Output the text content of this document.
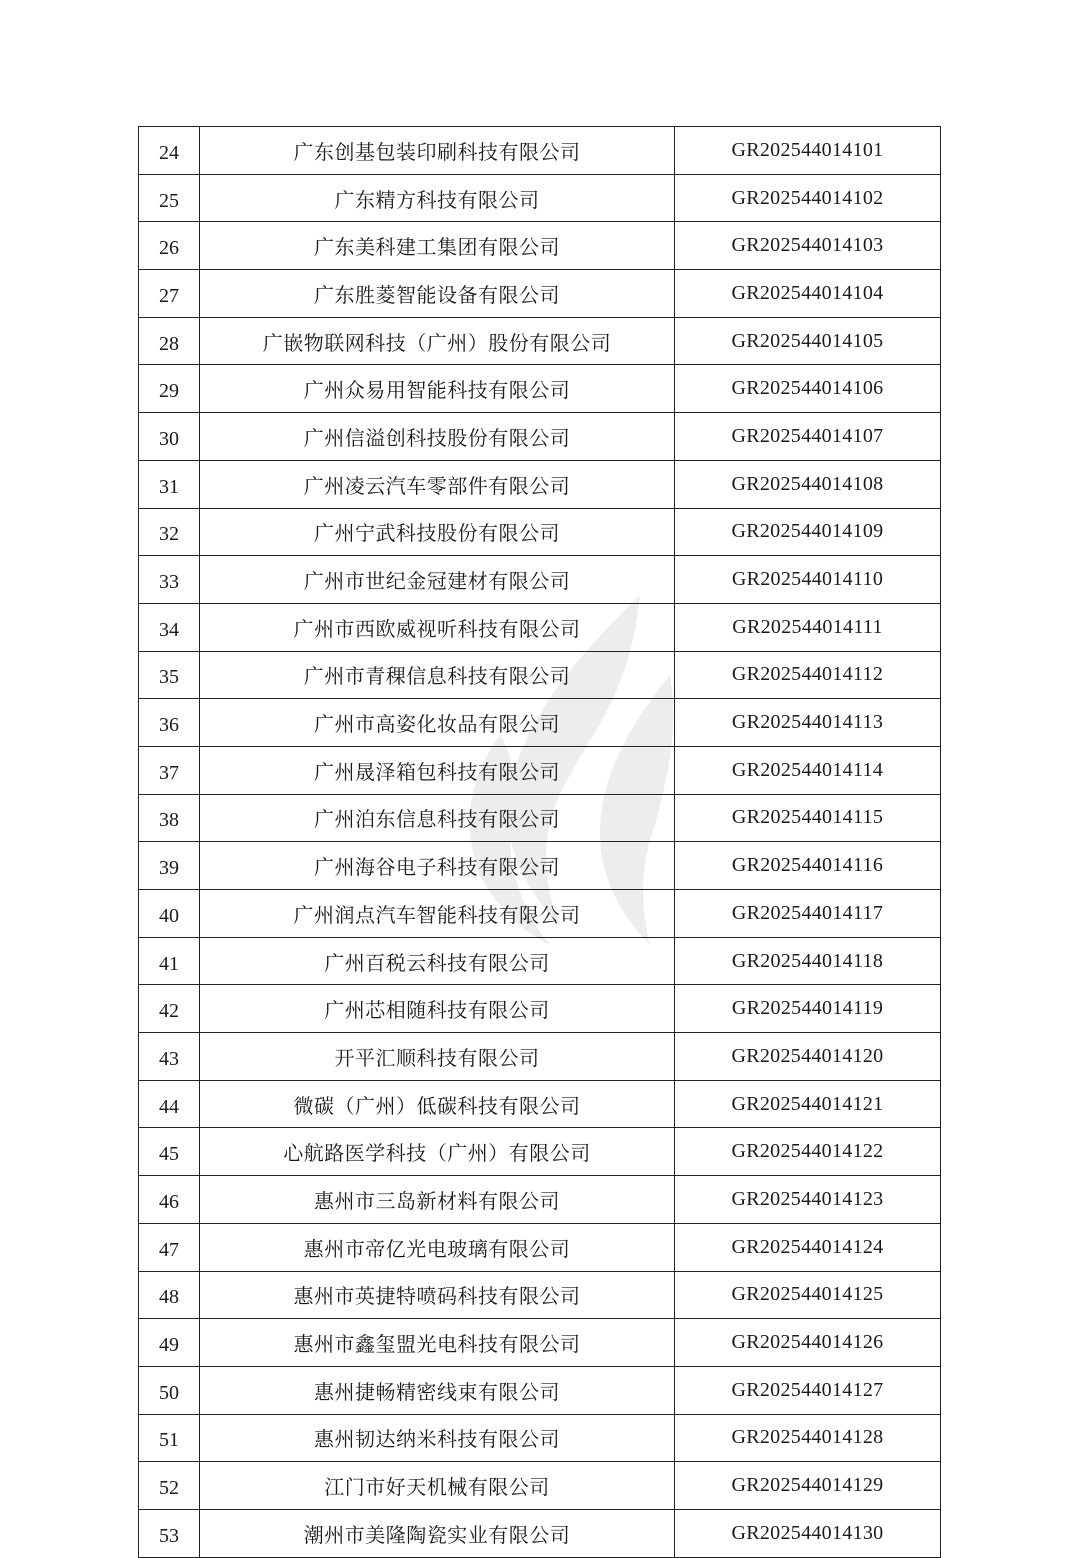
24	广东创基包装印刷科技有限公司	GR202544014101
25	广东精方科技有限公司	GR202544014102
26	广东美科建工集团有限公司	GR202544014103
27	广东胜菱智能设备有限公司	GR202544014104
28	广嵌物联网科技（广州）股份有限公司	GR202544014105
29	广州众易用智能科技有限公司	GR202544014106
30	广州信溢创科技股份有限公司	GR202544014107
31	广州凌云汽车零部件有限公司	GR202544014108
32	广州宁武科技股份有限公司	GR202544014109
33	广州市世纪金冠建材有限公司	GR202544014110
34	广州市西欧威视听科技有限公司	GR202544014111
35	广州市青稞信息科技有限公司	GR202544014112
36	广州市高姿化妆品有限公司	GR202544014113
37	广州晟泽箱包科技有限公司	GR202544014114
38	广州泊东信息科技有限公司	GR202544014115
39	广州海谷电子科技有限公司	GR202544014116
40	广州润点汽车智能科技有限公司	GR202544014117
41	广州百税云科技有限公司	GR202544014118
42	广州芯相随科技有限公司	GR202544014119
43	开平汇顺科技有限公司	GR202544014120
44	微碳（广州）低碳科技有限公司	GR202544014121
45	心航路医学科技（广州）有限公司	GR202544014122
46	惠州市三岛新材料有限公司	GR202544014123
47	惠州市帝亿光电玻璃有限公司	GR202544014124
48	惠州市英捷特喷码科技有限公司	GR202544014125
49	惠州市鑫玺盟光电科技有限公司	GR202544014126
50	惠州捷畅精密线束有限公司	GR202544014127
51	惠州韧达纳米科技有限公司	GR202544014128
52	江门市好天机械有限公司	GR202544014129
53	潮州市美隆陶瓷实业有限公司	GR202544014130
